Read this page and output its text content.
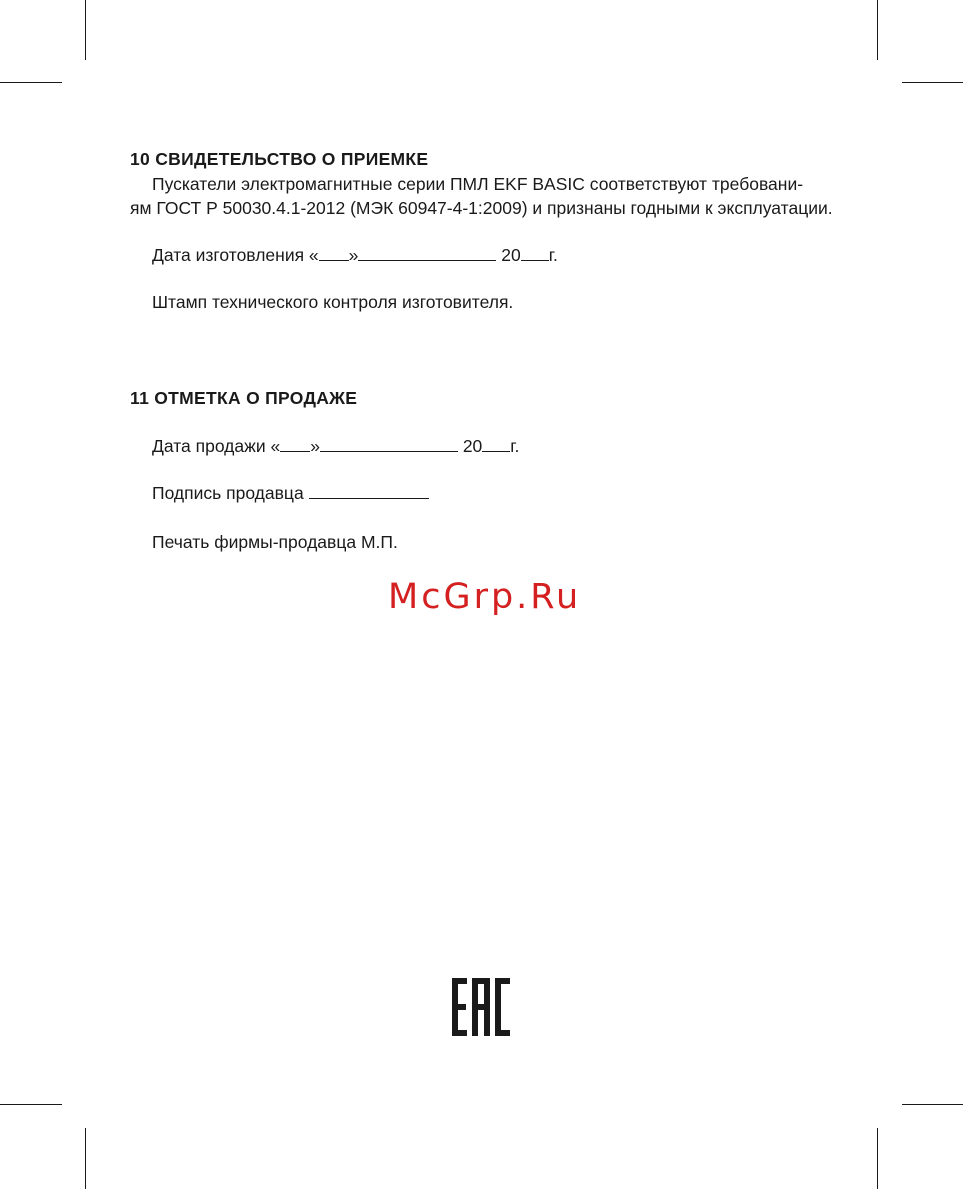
10 СВИДЕТЕЛЬСТВО О ПРИЕМКЕ
Пускатели электромагнитные серии ПМЛ EKF BASIC соответствуют требовани-
ям ГОСТ Р 50030.4.1-2012 (МЭК 60947-4-1:2009) и признаны годными к эксплуатации.
Дата изготовления « »	20 г.
Штамп технического контроля изготовителя.
11 ОТМЕТКА О ПРОДАЖЕ
Дата продажи « »	20 г.
Подпись продавца
Печать фирмы-продавца М.П.
McGrp.Ru
